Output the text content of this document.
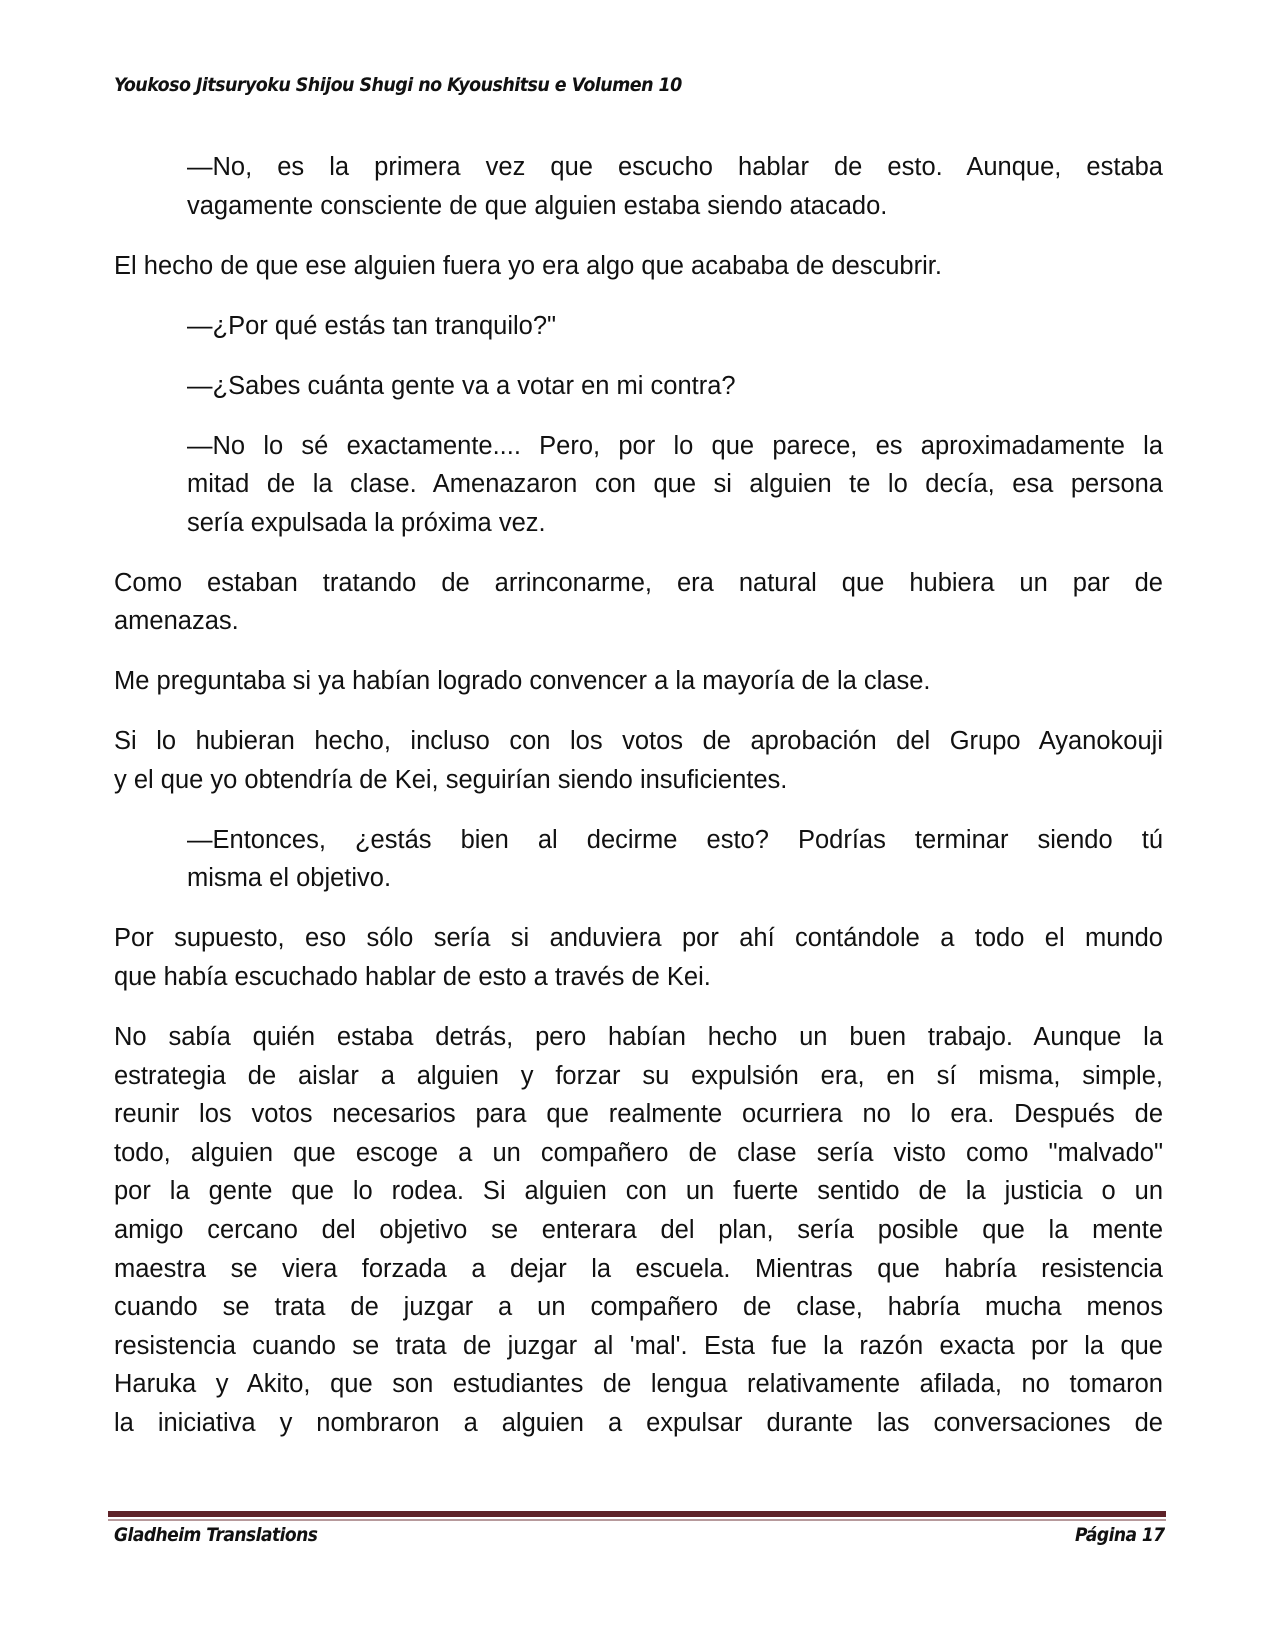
Youkoso Jitsuryoku Shijou Shugi no Kyoushitsu e Volumen 10
—No, es la primera vez que escucho hablar de esto. Aunque, estaba
vagamente consciente de que alguien estaba siendo atacado.
El hecho de que ese alguien fuera yo era algo que acababa de descubrir.
—¿Por qué estás tan tranquilo?"
—¿Sabes cuánta gente va a votar en mi contra?
—No lo sé exactamente.... Pero, por lo que parece, es aproximadamente la
mitad de la clase. Amenazaron con que si alguien te lo decía, esa persona
sería expulsada la próxima vez.
Como estaban tratando de arrinconarme, era natural que hubiera un par de
amenazas.
Me preguntaba si ya habían logrado convencer a la mayoría de la clase.
Si lo hubieran hecho, incluso con los votos de aprobación del Grupo Ayanokouji
y el que yo obtendría de Kei, seguirían siendo insuficientes.
—Entonces, ¿estás bien al decirme esto? Podrías terminar siendo tú
misma el objetivo.
Por supuesto, eso sólo sería si anduviera por ahí contándole a todo el mundo
que había escuchado hablar de esto a través de Kei.
No sabía quién estaba detrás, pero habían hecho un buen trabajo. Aunque la
estrategia de aislar a alguien y forzar su expulsión era, en sí misma, simple,
reunir los votos necesarios para que realmente ocurriera no lo era. Después de
todo, alguien que escoge a un compañero de clase sería visto como "malvado"
por la gente que lo rodea. Si alguien con un fuerte sentido de la justicia o un
amigo cercano del objetivo se enterara del plan, sería posible que la mente
maestra se viera forzada a dejar la escuela. Mientras que habría resistencia
cuando se trata de juzgar a un compañero de clase, habría mucha menos
resistencia cuando se trata de juzgar al 'mal'. Esta fue la razón exacta por la que
Haruka y Akito, que son estudiantes de lengua relativamente afilada, no tomaron
la iniciativa y nombraron a alguien a expulsar durante las conversaciones de
Gladheim Translations	Página 17
